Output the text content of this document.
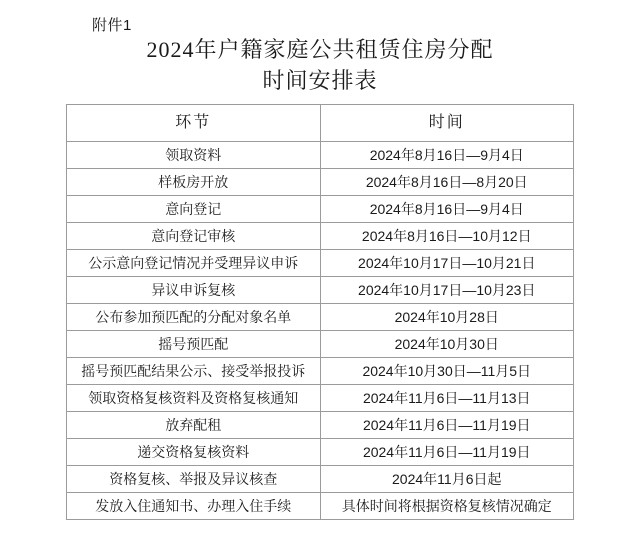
附件1
2024年户籍家庭公共租赁住房分配
时间安排表
环节	时间
领取资料	2024年8月16日—9月4日
样板房开放	2024年8月16日—8月20日
意向登记	2024年8月16日—9月4日
意向登记审核	2024年8月16日—10月12日
公示意向登记情况并受理异议申诉	2024年10月17日—10月21日
异议申诉复核	2024年10月17日—10月23日
公布参加预匹配的分配对象名单	2024年10月28日
摇号预匹配	2024年10月30日
摇号预匹配结果公示、接受举报投诉	2024年10月30日—11月5日
领取资格复核资料及资格复核通知	2024年11月6日—11月13日
放弃配租	2024年11月6日—11月19日
递交资格复核资料	2024年11月6日—11月19日
资格复核、举报及异议核查	2024年11月6日起
发放入住通知书、办理入住手续	具体时间将根据资格复核情况确定
